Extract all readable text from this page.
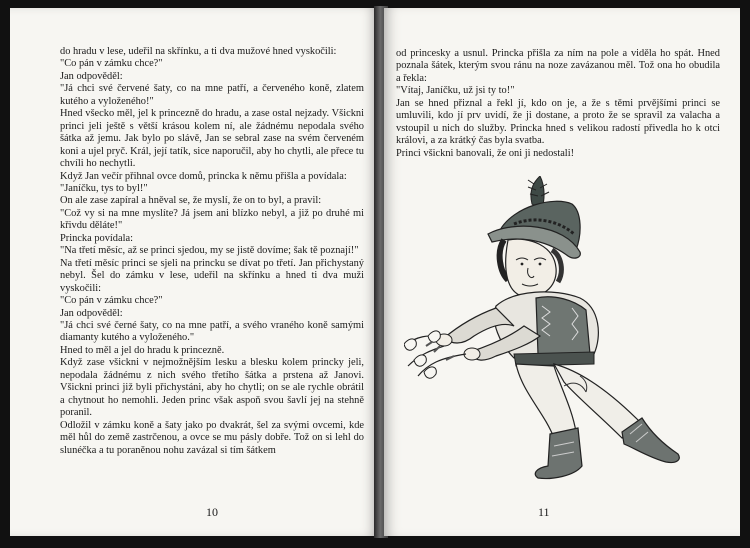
do hradu v lese, udeřil na skřínku, a ti dva mužové hned vyskočili:

"Co pán v zámku chce?"

Jan odpověděl:

"Já chci své červené šaty, co na mne patří, a červeného koně, zlatem kutého a vyloženého!"

Hned všecko měl, jel k princezně do hradu, a zase ostal nejzady. Všickni princi jeli ještě s větší krásou kolem ní, ale žádnému nepodala svého šátka až jemu. Jak bylo po slávě, Jan se sebral zase na svém červeném koni a ujel pryč. Král, její tatík, sice naporučil, aby ho chytli, ale přece tu chvíli ho nechytli.

Když Jan večír přihnal ovce domů, princka k němu přišla a povídala:

"Janíčku, tys to byl!"

On ale zase zapíral a hněval se, že myslí, že on to byl, a pravil:

"Což vy si na mne myslíte? Já jsem ani blízko nebyl, a již po druhé mi křivdu děláte!"

Princka povídala:

"Na třetí měsíc, až se princi sjedou, my se jistě dovíme; šak tě poznají!"

Na třetí měsíc princi se sjeli na princku se dívat po třetí. Jan přichystaný nebyl. Šel do zámku v lese, udeřil na skřínku a hned ti dva muži vyskočili:

"Co pán v zámku chce?"

Jan odpověděl:

"Já chci své černé šaty, co na mne patří, a svého vraného koně samými diamanty kutého a vyloženého."

Hned to měl a jel do hradu k princezně.

Když zase všickni v nejmožnějším lesku a blesku kolem princky jeli, nepodala žádnému z nich svého třetího šátka a prstena až Janovi. Všickni princi již byli přichystáni, aby ho chytli; on se ale rychle obrátil a chytnout ho nemohli. Jeden princ však aspoň svou šavlí jej na stehně poranil.

Odložil v zámku koně a šaty jako po dvakrát, šel za svými ovcemi, kde měl hůl do země zastrčenou, a ovce se mu pásly dobře. Tož on si lehl do slunéčka a tu poraněnou nohu zavázal si tím šátkem

10

od princesky a usnul. Princka přišla za ním na pole a viděla ho spát. Hned poznala šátek, kterým svou ránu na noze zavázanou měl. Tož ona ho obudila a řekla:

"Vítaj, Janíčku, už jsi ty to!"

Jan se hned přiznal a řekl jí, kdo on je, a že s těmi prvějšími princi se umluvili, kdo jí prv uvidí, že ji dostane, a proto že se spravil za valacha a vstoupil u nich do služby. Princka hned s velikou radostí přivedla ho k otci královi, a za krátký čas byla svatba.

Princi všickni banovali, že oni ji nedostali!

11
